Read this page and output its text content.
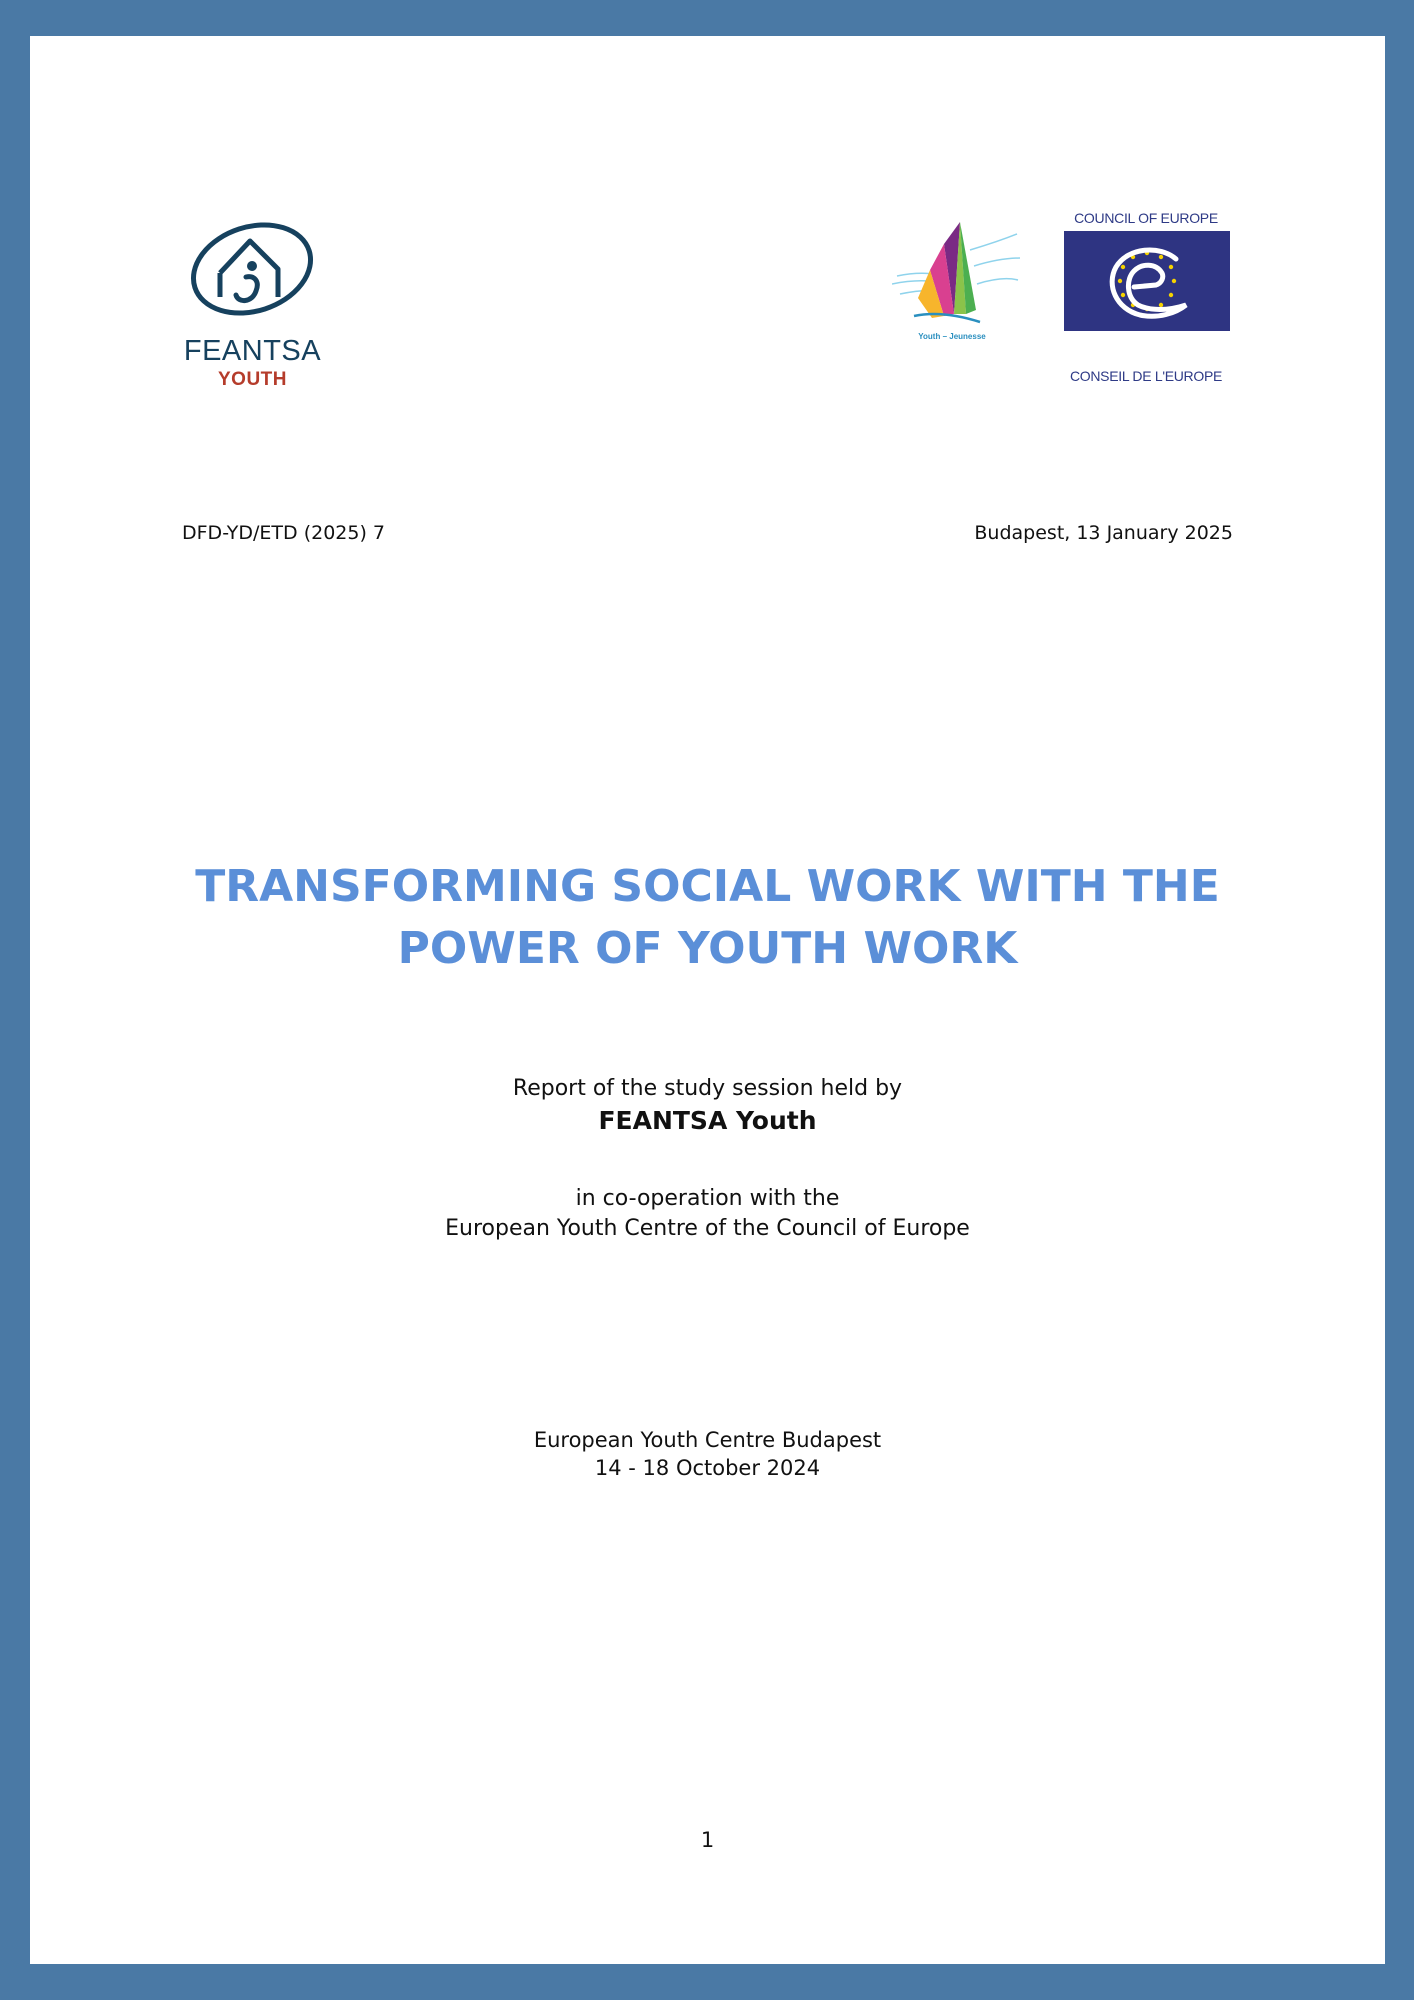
FEANTSA
YOUTH
Youth – Jeunesse
COUNCIL OF EUROPE
CONSEIL DE L'EUROPE
DFD-YD/ETD (2025) 7	Budapest, 13 January 2025
TRANSFORMING SOCIAL WORK WITH THE
POWER OF YOUTH WORK
Report of the study session held by
FEANTSA Youth
in co-operation with the
European Youth Centre of the Council of Europe
European Youth Centre Budapest
14 - 18 October 2024
1
